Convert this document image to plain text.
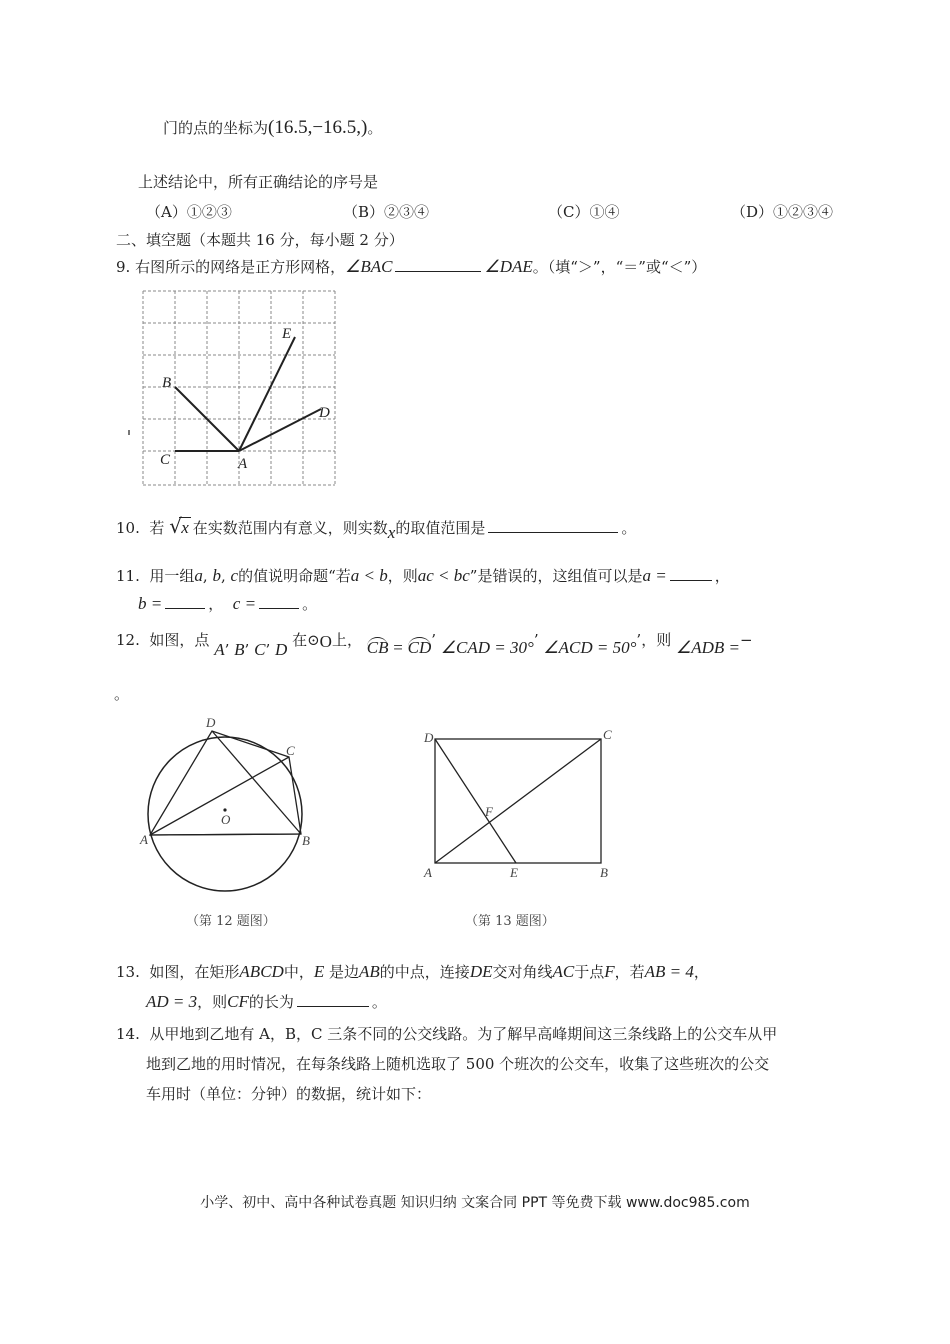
门的点的坐标为(16.5,−16.5,)。
上述结论中，所有正确结论的序号是
（A）①②③	（B）②③④	（C）①④	（D）①②③④
二、填空题（本题共 16 分，每小题 2 分）
9. 右图所示的网络是正方形网格，∠BAC	∠DAE。（填“＞”，“＝”或“＜”）
B
C	A
D
E
10. 若 √ x 在实数范围内有意义，则实数x的取值范围是	。
11. 用一组a, b, c的值说明命题“若a < b，则ac < bc”是错误的，这组值可以是a =	，
b =	， c =	。
12. 如图，点 A’ B’ C’ D 在⊙O上， CB = CD’ ∠CAD = 30°’ ∠ACD = 50°’，则 ∠ADB =−
。
D
C
A	B
O
（第 12 题图）
D	C
A	B
E
F
（第 13 题图）
13. 如图，在矩形ABCD中，E 是边AB的中点，连接DE交对角线AC于点F，若AB = 4，
AD = 3，则CF的长为	。
14. 从甲地到乙地有 A，B，C 三条不同的公交线路。为了解早高峰期间这三条线路上的公交车从甲
地到乙地的用时情况，在每条线路上随机选取了 500 个班次的公交车，收集了这些班次的公交
车用时（单位：分钟）的数据，统计如下：
小学、初中、高中各种试卷真题 知识归纳 文案合同 PPT 等免费下载 www.doc985.com
